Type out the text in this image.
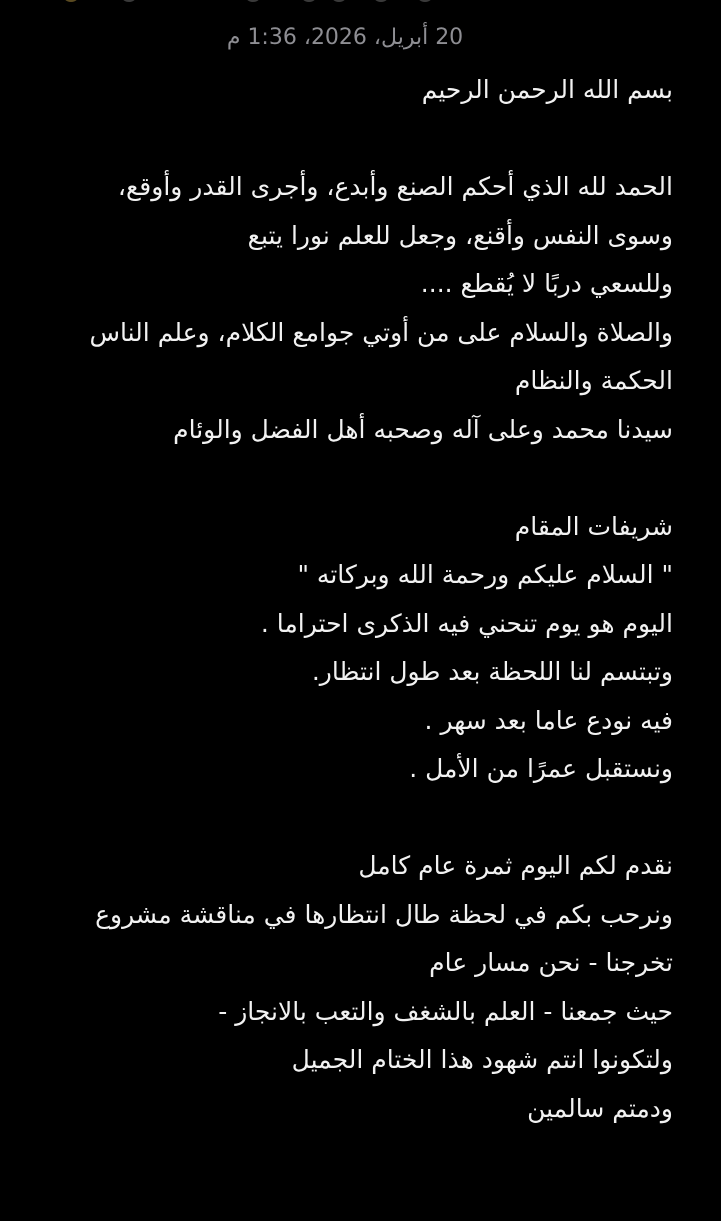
20 أبريل، 2026، 1:36 م
بسم الله الرحمن الرحيم
الحمد لله الذي أحكم الصنع وأبدع، وأجرى القدر وأوقع،
وسوى النفس وأقنع، وجعل للعلم نورا يتبع
وللسعي دربًا لا يُقطع ....
والصلاة والسلام على من أوتي جوامع الكلام، وعلم الناس
الحكمة والنظام
سيدنا محمد وعلى آله وصحبه أهل الفضل والوئام
شريفات المقام
" السلام عليكم ورحمة الله وبركاته "
اليوم هو يوم تنحني فيه الذكرى احتراما .
وتبتسم لنا اللحظة بعد طول انتظار.
فيه نودع عاما بعد سهر .
ونستقبل عمرًا من الأمل .
نقدم لكم اليوم ثمرة عام كامل
ونرحب بكم في لحظة طال انتظارها في مناقشة مشروع
تخرجنا - نحن مسار عام
حيث جمعنا - العلم بالشغف والتعب بالانجاز -
ولتكونوا انتم شهود هذا الختام الجميل
ودمتم سالمين
